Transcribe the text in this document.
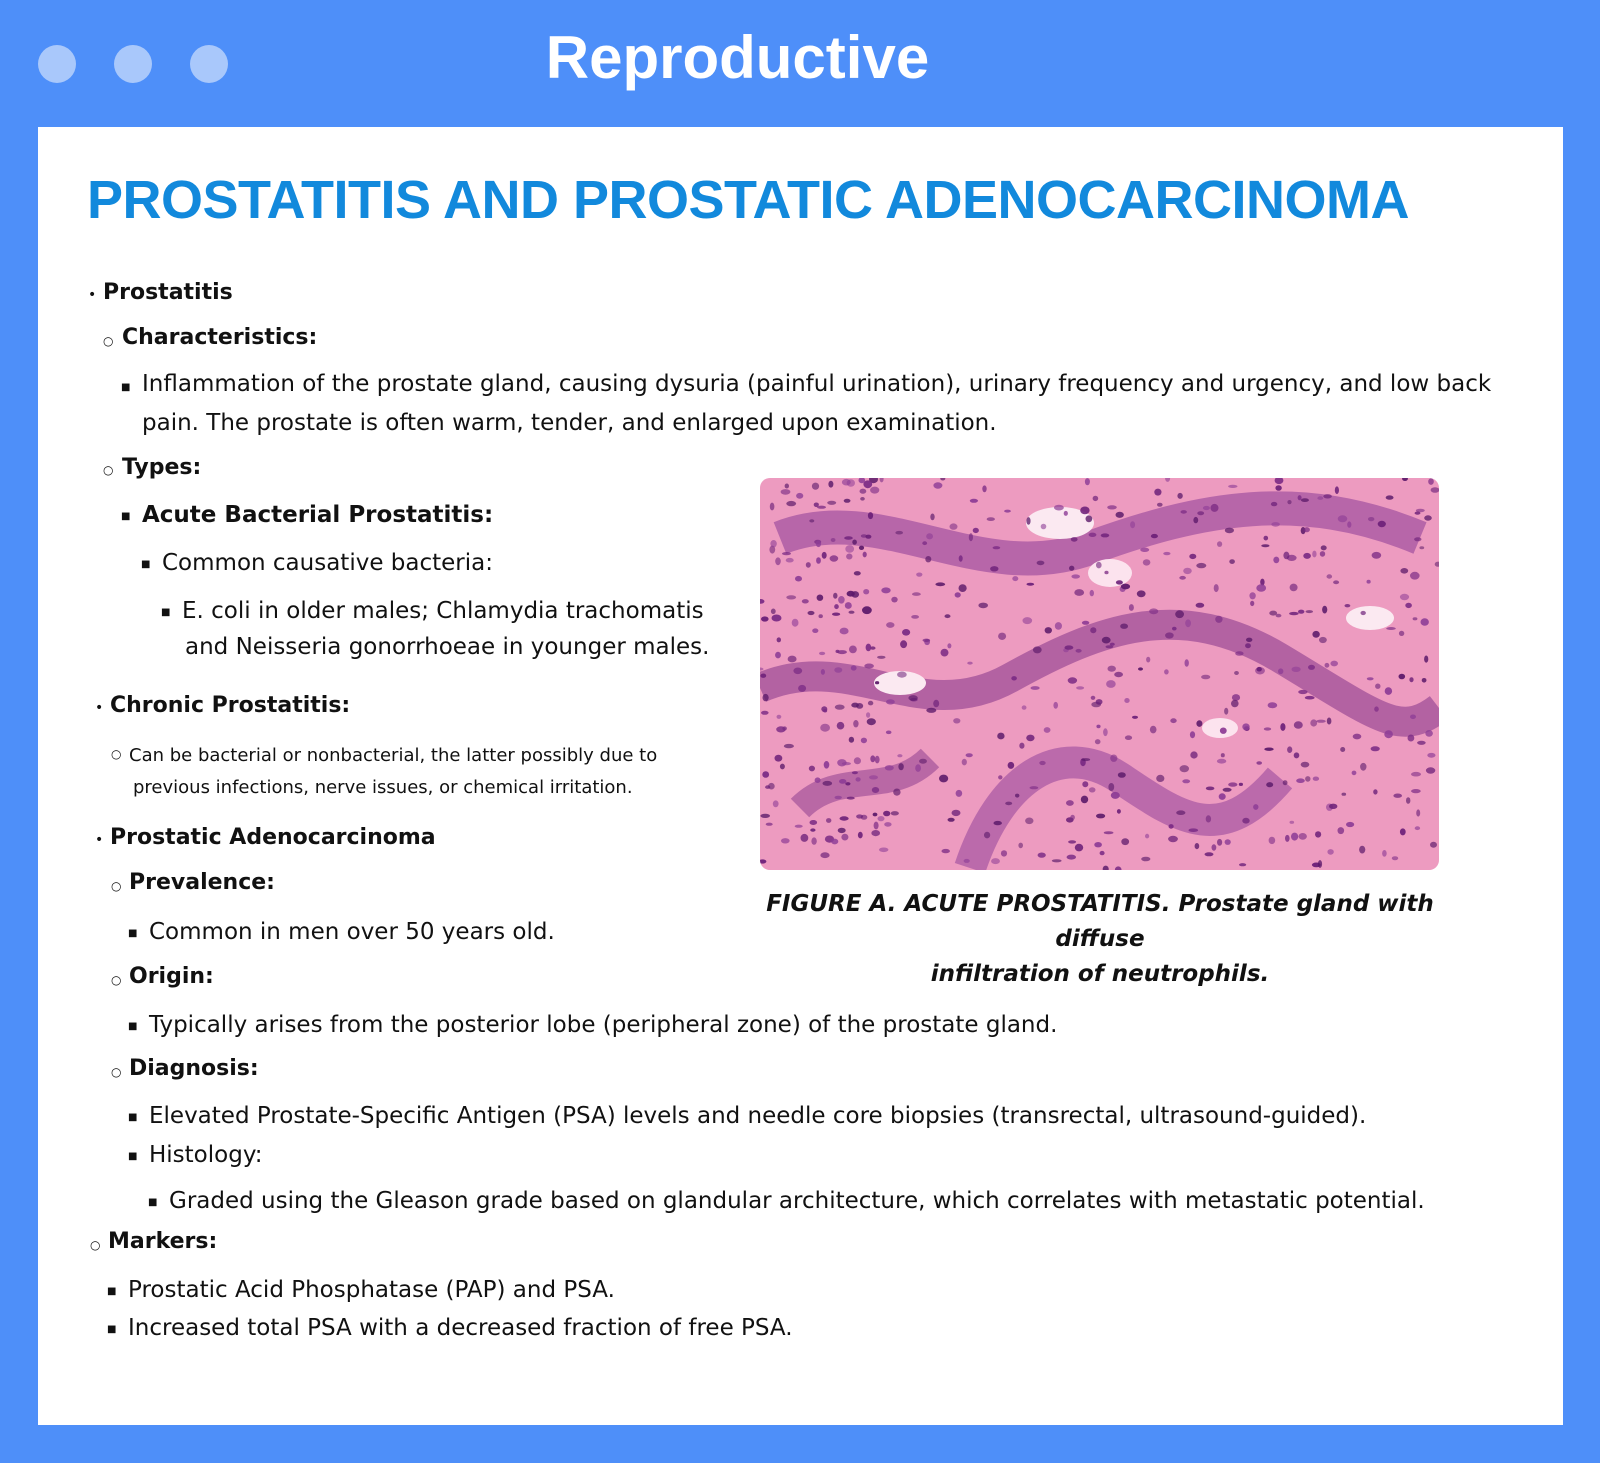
Reproductive
PROSTATITIS AND PROSTATIC ADENOCARCINOMA
•

Prostatitis

○

Characteristics:

■

Inflammation of the prostate gland, causing dysuria (painful urination), urinary frequency and urgency, and low back

pain. The prostate is often warm, tender, and enlarged upon examination.

○

Types:

■

Acute Bacterial Prostatitis:

■

Common causative bacteria:

■

E. coli in older males; Chlamydia trachomatis

and Neisseria gonorrhoeae in younger males.

•

Chronic Prostatitis:

○

Can be bacterial or nonbacterial, the latter possibly due to

previous infections, nerve issues, or chemical irritation.

•

Prostatic Adenocarcinoma

○

Prevalence:

■

Common in men over 50 years old.

○

Origin:

■

Typically arises from the posterior lobe (peripheral zone) of the prostate gland.

○

Diagnosis:

■

Elevated Prostate-Specific Antigen (PSA) levels and needle core biopsies (transrectal, ultrasound-guided).

■

Histology:

■

Graded using the Gleason grade based on glandular architecture, which correlates with metastatic potential.

○

Markers:

■

Prostatic Acid Phosphatase (PAP) and PSA.

■

Increased total PSA with a decreased fraction of free PSA.

FIGURE A. ACUTE PROSTATITIS. Prostate gland with diffuse
infiltration of neutrophils.
